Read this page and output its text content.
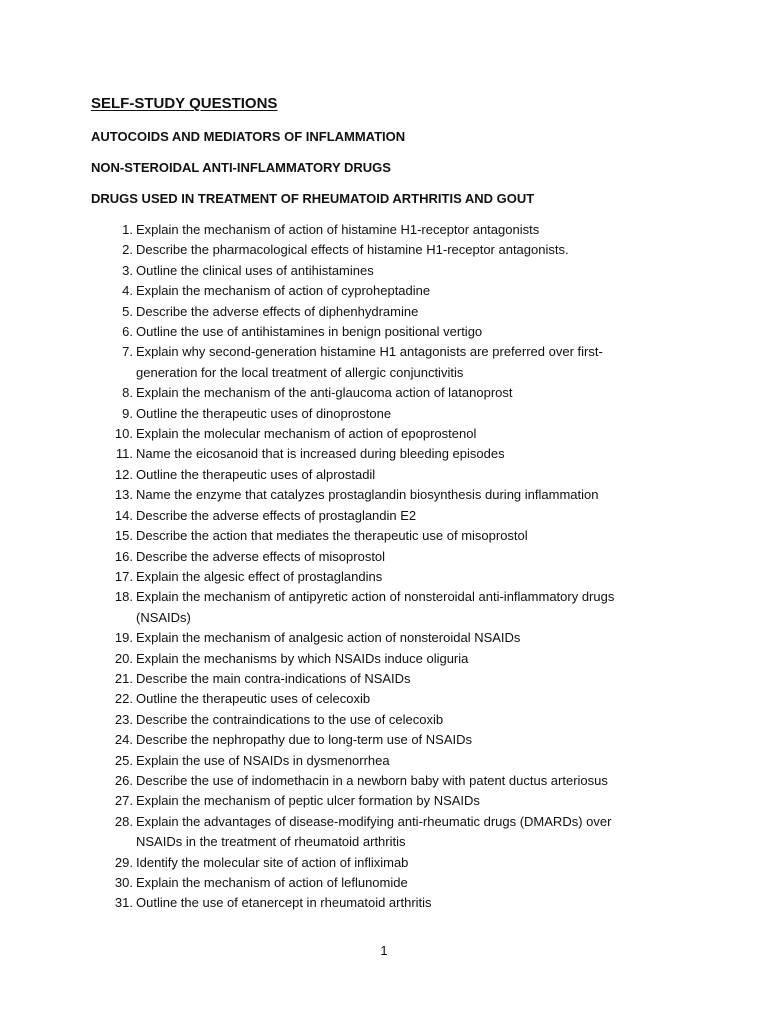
SELF-STUDY QUESTIONS
AUTOCOIDS AND MEDIATORS OF INFLAMMATION
NON-STEROIDAL ANTI-INFLAMMATORY DRUGS
DRUGS USED IN TREATMENT OF RHEUMATOID ARTHRITIS AND GOUT
1. Explain the mechanism of action of histamine H1-receptor antagonists
2. Describe the pharmacological effects of histamine H1-receptor antagonists.
3. Outline the clinical uses of antihistamines
4. Explain the mechanism of action of cyproheptadine
5. Describe the adverse effects of diphenhydramine
6. Outline the use of antihistamines in benign positional vertigo
7. Explain why second-generation histamine H1 antagonists are preferred over first-generation for the local treatment of allergic conjunctivitis
8. Explain the mechanism of the anti-glaucoma action of latanoprost
9. Outline the therapeutic uses of dinoprostone
10. Explain the molecular mechanism of action of epoprostenol
11. Name the eicosanoid that is increased during bleeding episodes
12. Outline the therapeutic uses of alprostadil
13. Name the enzyme that catalyzes prostaglandin biosynthesis during inflammation
14. Describe the adverse effects of prostaglandin E2
15. Describe the action that mediates the therapeutic use of misoprostol
16. Describe the adverse effects of misoprostol
17. Explain the algesic effect of prostaglandins
18. Explain the mechanism of antipyretic action of nonsteroidal anti-inflammatory drugs (NSAIDs)
19. Explain the mechanism of analgesic action of nonsteroidal NSAIDs
20. Explain the mechanisms by which NSAIDs induce oliguria
21. Describe the main contra-indications of NSAIDs
22. Outline the therapeutic uses of celecoxib
23. Describe the contraindications to the use of celecoxib
24. Describe the nephropathy due to long-term use of NSAIDs
25. Explain the use of NSAIDs in dysmenorrhea
26. Describe the use of indomethacin in a newborn baby with patent ductus arteriosus
27. Explain the mechanism of peptic ulcer formation by NSAIDs
28. Explain the advantages of disease-modifying anti-rheumatic drugs (DMARDs) over NSAIDs in the treatment of rheumatoid arthritis
29. Identify the molecular site of action of infliximab
30. Explain the mechanism of action of leflunomide
31. Outline the use of etanercept in rheumatoid arthritis
1
